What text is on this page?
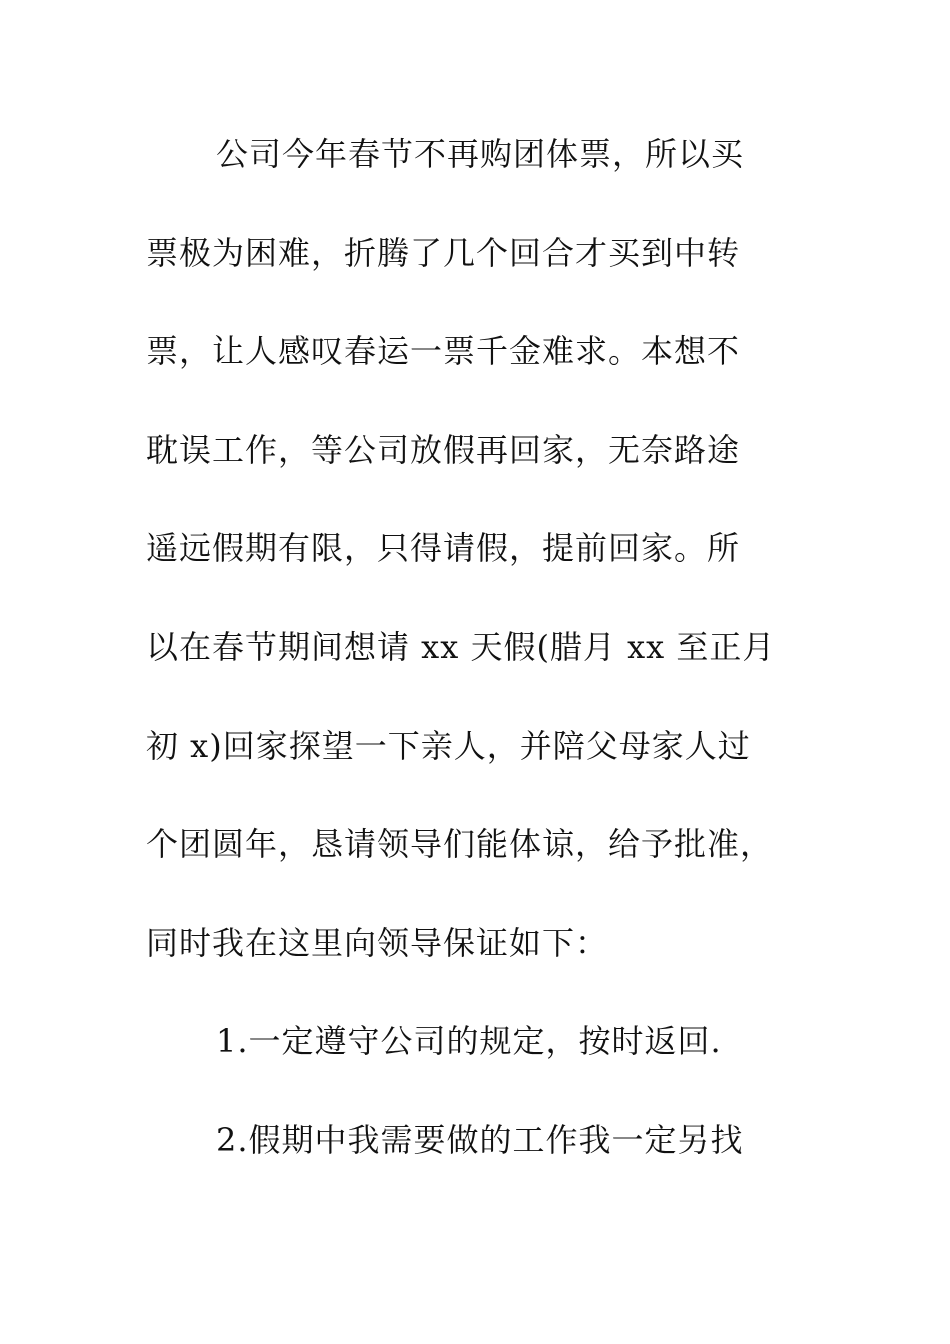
公司今年春节不再购团体票，所以买
票极为困难，折腾了几个回合才买到中转
票，让人感叹春运一票千金难求。本想不
耽误工作，等公司放假再回家，无奈路途
遥远假期有限，只得请假，提前回家。所
以在春节期间想请 xx 天假(腊月 xx 至正月
初 x)回家探望一下亲人，并陪父母家人过
个团圆年，恳请领导们能体谅，给予批准，
同时我在这里向领导保证如下：
1.一定遵守公司的规定，按时返回.
2.假期中我需要做的工作我一定另找
